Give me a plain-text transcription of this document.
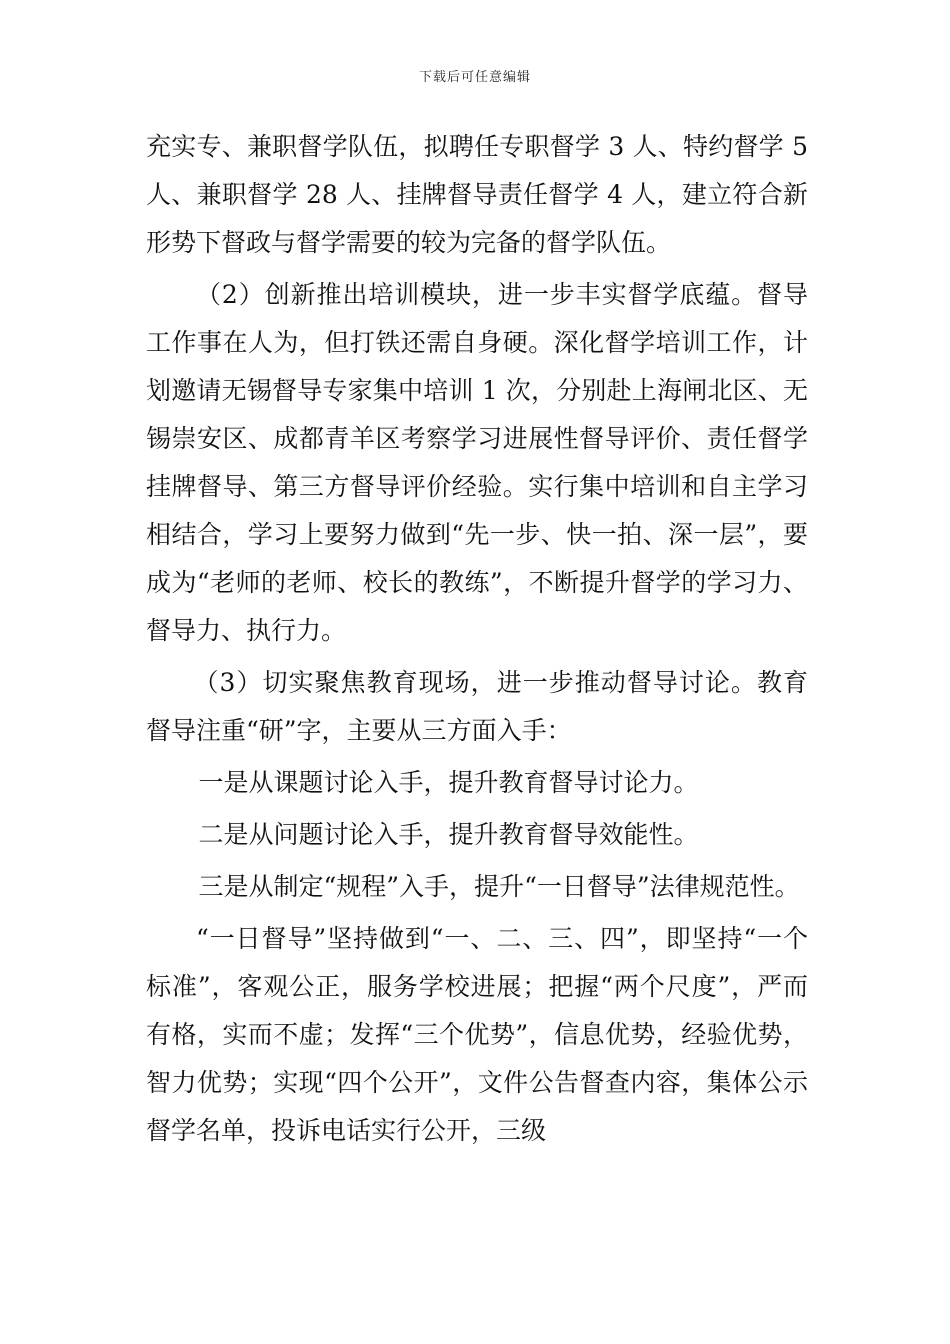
下载后可任意编辑

充实专、兼职督学队伍，拟聘任专职督学 3 人、特约督学 5 人、兼职督学 28 人、挂牌督导责任督学 4 人，建立符合新形势下督政与督学需要的较为完备的督学队伍。

（2）创新推出培训模块，进一步丰实督学底蕴。督导工作事在人为，但打铁还需自身硬。深化督学培训工作，计划邀请无锡督导专家集中培训 1 次，分别赴上海闸北区、无锡崇安区、成都青羊区考察学习进展性督导评价、责任督学挂牌督导、第三方督导评价经验。实行集中培训和自主学习相结合，学习上要努力做到“先一步、快一拍、深一层”，要成为“老师的老师、校长的教练”，不断提升督学的学习力、督导力、执行力。

（3）切实聚焦教育现场，进一步推动督导讨论。教育督导注重“研”字，主要从三方面入手：

一是从课题讨论入手，提升教育督导讨论力。

二是从问题讨论入手，提升教育督导效能性。

三是从制定“规程”入手，提升“一日督导”法律规范性。

“一日督导”坚持做到“一、二、三、四”，即坚持“一个标准”，客观公正，服务学校进展；把握“两个尺度”，严而有格，实而不虚；发挥“三个优势”，信息优势，经验优势，智力优势；实现“四个公开”，文件公告督查内容，集体公示督学名单，投诉电话实行公开，三级
